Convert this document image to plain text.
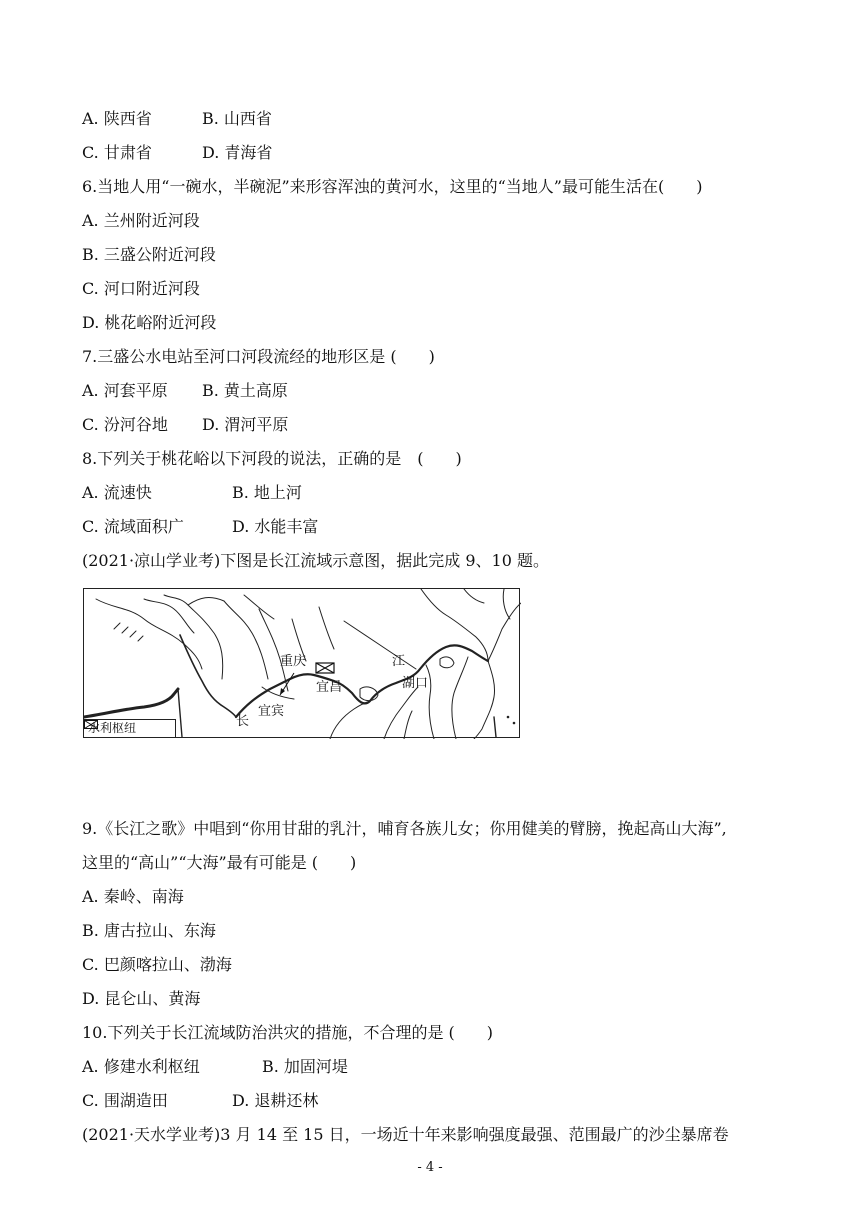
A. 陕西省	B. 山西省
C. 甘肃省	D. 青海省
6.当地人用“一碗水，半碗泥”来形容浑浊的黄河水，这里的“当地人”最可能生活在(　　)
A. 兰州附近河段
B. 三盛公附近河段
C. 河口附近河段
D. 桃花峪附近河段
7.三盛公水电站至河口河段流经的地形区是 (　　)
A. 河套平原 B. 黄土高原
C. 汾河谷地 D. 渭河平原
8.下列关于桃花峪以下河段的说法，正确的是　(　　)
A. 流速快	B. 地上河
C. 流域面积广	D. 水能丰富
(2021·凉山学业考)下图是长江流域示意图，据此完成 9、10 题。
重庆
宜昌
宜宾
长
江
湖口
水利枢纽
9.《长江之歌》中唱到“你用甘甜的乳汁，哺育各族儿女；你用健美的臂膀，挽起高山大海”,
这里的“高山”“大海”最有可能是 (　　)
A. 秦岭、南海
B. 唐古拉山、东海
C. 巴颜喀拉山、渤海
D. 昆仑山、黄海
10.下列关于长江流域防治洪灾的措施，不合理的是 (　　)
A. 修建水利枢纽	B. 加固河堤
C. 围湖造田	D. 退耕还林
(2021·天水学业考)3 月 14 至 15 日，一场近十年来影响强度最强、范围最广的沙尘暴席卷
- 4 -
